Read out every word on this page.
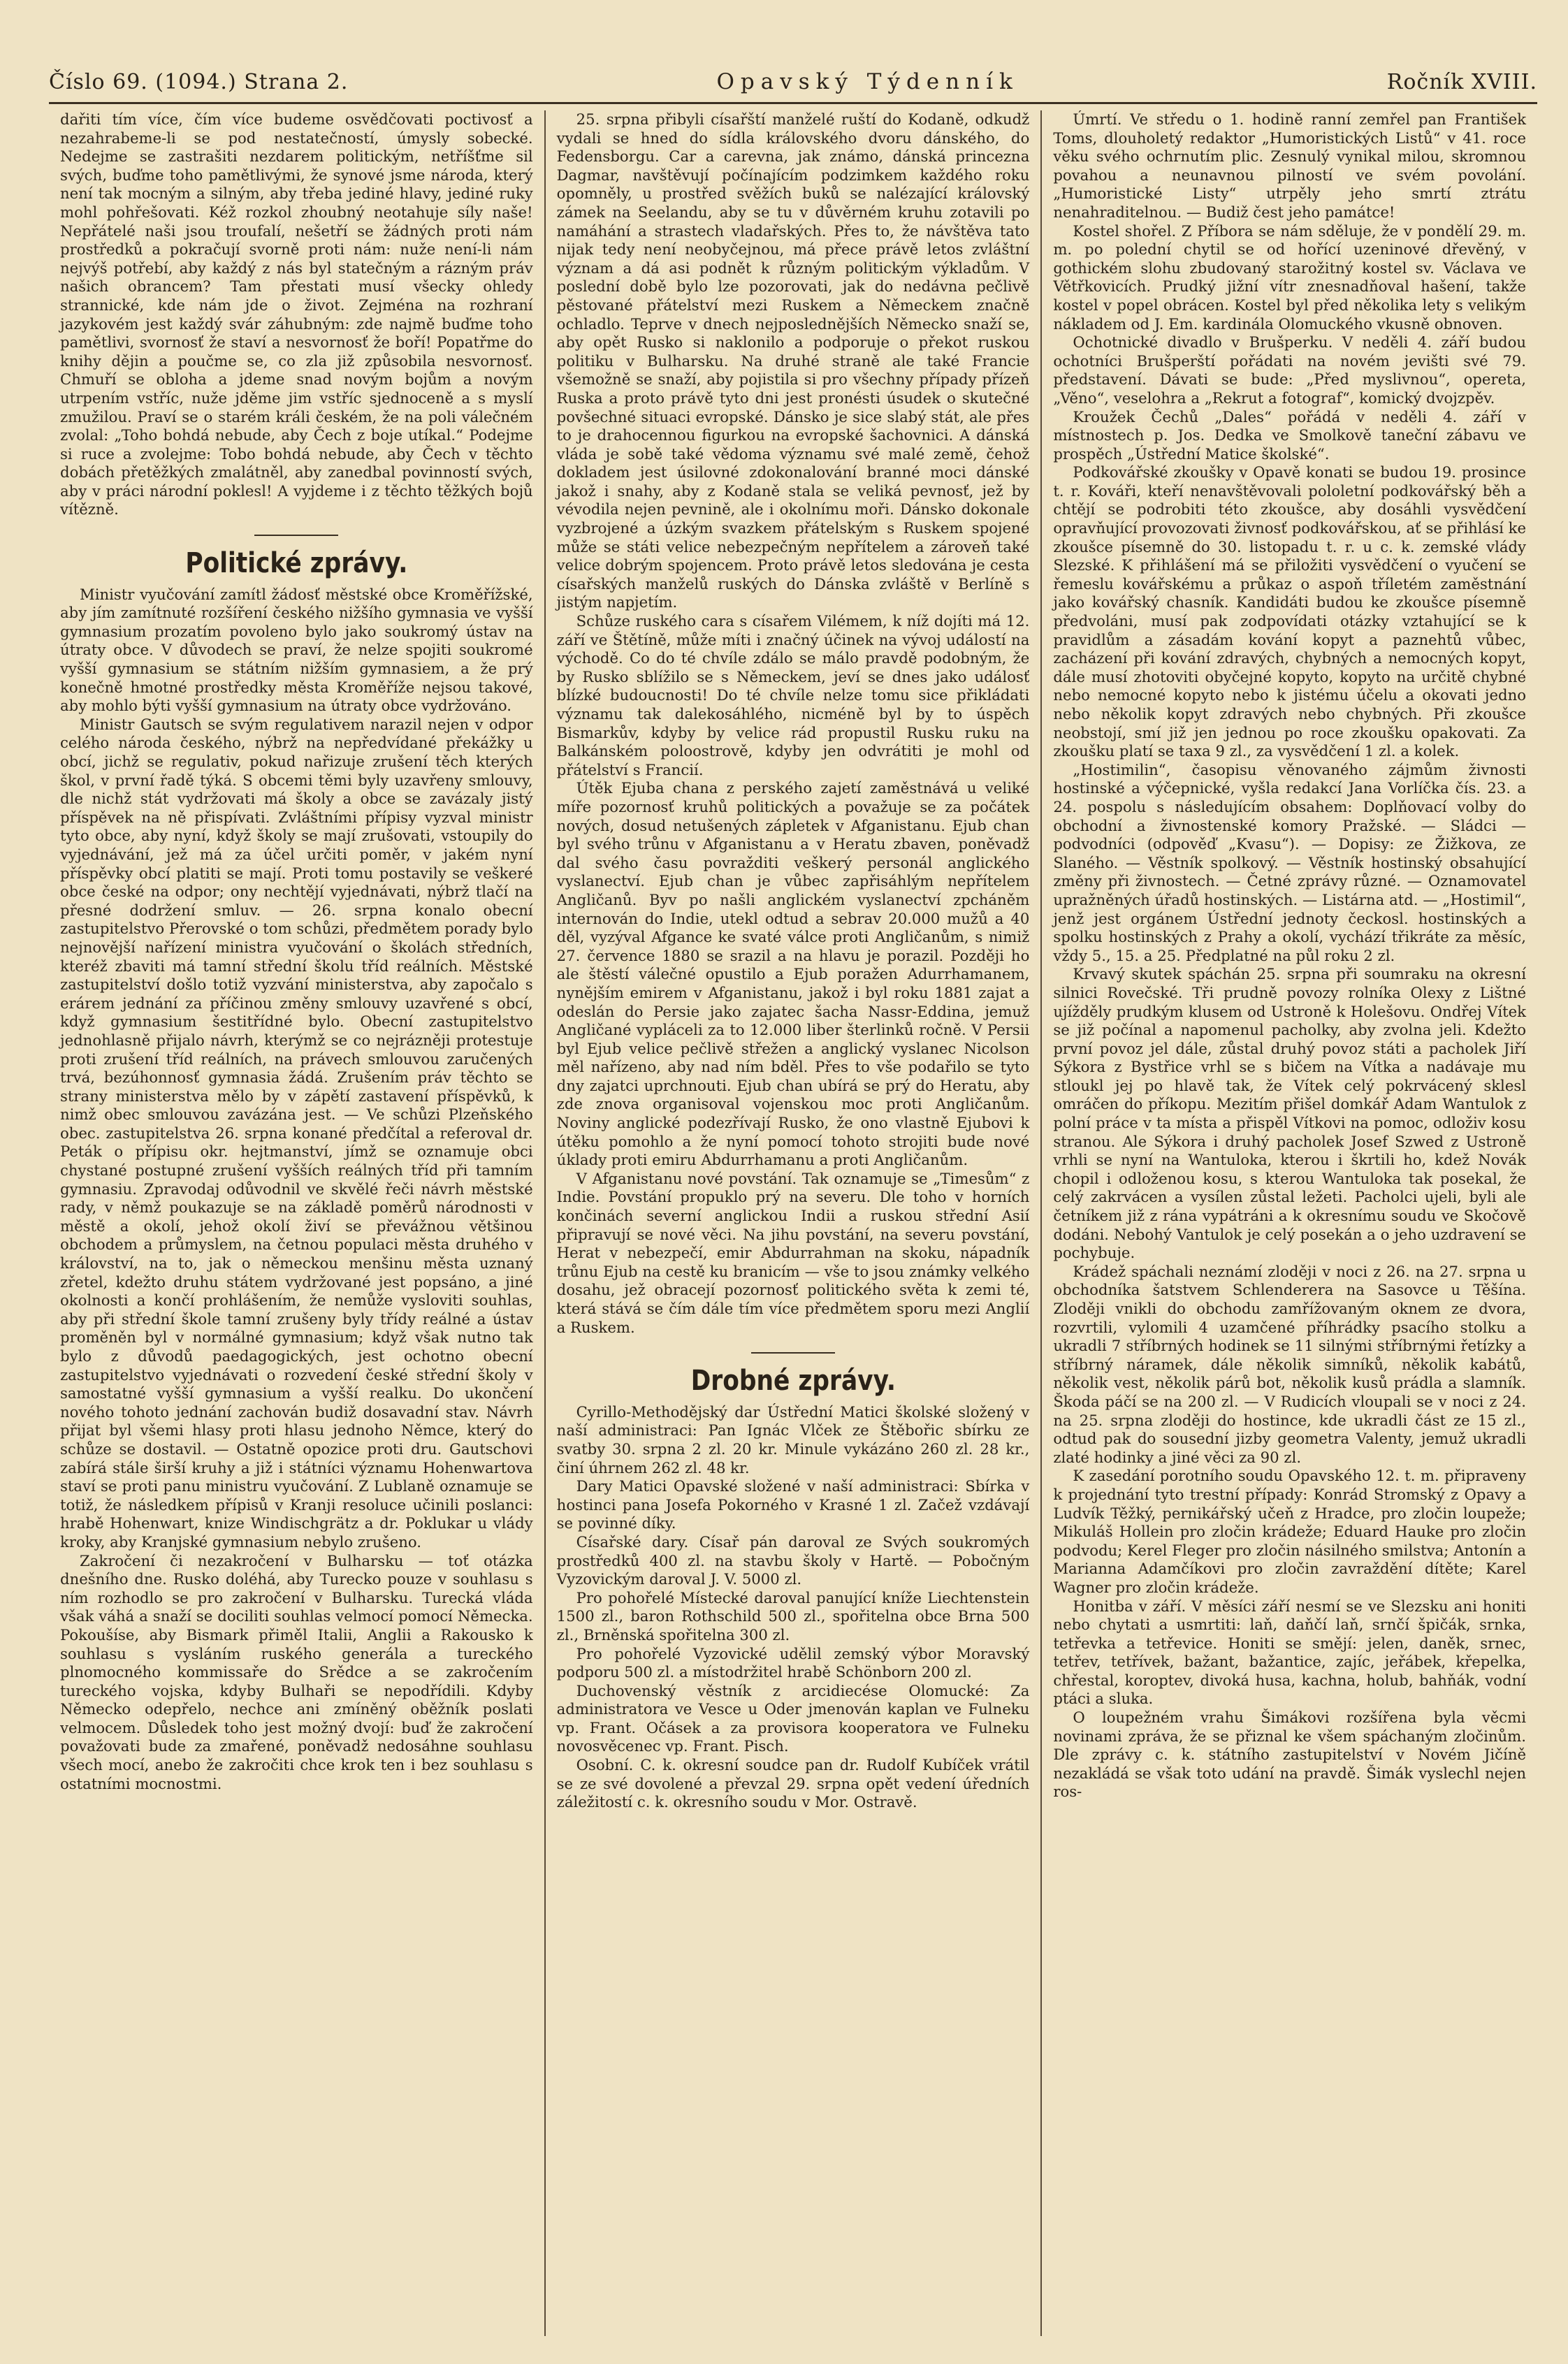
Číslo 69. (1094.) Strana 2.	Opavský Týdenník	Ročník XVIII.

dařiti tím více, čím více budeme osvědčovati poctivosť a nezahrabeme-li se pod nestatečností, úmysly sobecké. Nedejme se zastrašiti nezdarem politickým, netříšťme sil svých, buďme toho pamětlivými, že synové jsme národa, který není tak mocným a silným, aby třeba jediné hlavy, jediné ruky mohl pohřešovati. Kéž rozkol zhoubný neotahuje síly naše! Nepřátelé naši jsou troufalí, nešetří se žádných proti nám prostředků a pokračují svorně proti nám: nuže není-li nám nejvýš potřebí, aby každý z nás byl statečným a rázným práv našich obrancem? Tam přestati musí všecky ohledy strannické, kde nám jde o život. Zejména na rozhraní jazykovém jest každý svár záhubným: zde najmě buďme toho pamětlivi, svornosť že staví a nesvornosť že boří! Popatřme do knihy dějin a poučme se, co zla již způsobila nesvornosť. Chmuří se obloha a jdeme snad novým bojům a novým utrpením vstříc, nuže jděme jim vstříc sjednoceně a s myslí zmužilou. Praví se o starém králi českém, že na poli válečném zvolal: „Toho bohdá nebude, aby Čech z boje utíkal.“ Podejme si ruce a zvolejme: Tobo bohdá nebude, aby Čech v těchto dobách přetěžkých zmalátněl, aby zanedbal povinností svých, aby v práci národní poklesl! A vyjdeme i z těchto těžkých bojů vítězně.

Politické zprávy.

Ministr vyučování zamítl žádosť městské obce Kroměřížské, aby jím zamítnuté rozšíření českého nižšího gymnasia ve vyšší gymnasium prozatím povoleno bylo jako soukromý ústav na útraty obce. V důvodech se praví, že nelze spojiti soukromé vyšší gymnasium se státním nižším gymnasiem, a že prý konečně hmotné prostředky města Kroměříže nejsou takové, aby mohlo býti vyšší gymnasium na útraty obce vydržováno.

Ministr Gautsch se svým regulativem narazil nejen v odpor celého národa českého, nýbrž na nepředvídané překážky u obcí, jichž se regulativ, pokud nařizuje zrušení těch kterých škol, v první řadě týká. S obcemi těmi byly uzavřeny smlouvy, dle nichž stát vydržovati má školy a obce se zavázaly jistý příspěvek na ně přispívati. Zvláštními přípisy vyzval ministr tyto obce, aby nyní, když školy se mají zrušovati, vstoupily do vyjednávání, jež má za účel určiti poměr, v jakém nyní příspěvky obcí platiti se mají. Proti tomu postavily se veškeré obce české na odpor; ony nechtějí vyjednávati, nýbrž tlačí na přesné dodržení smluv. — 26. srpna konalo obecní zastupitelstvo Přerovské o tom schůzi, předmětem porady bylo nejnovější nařízení ministra vyučování o školách středních, kteréž zbaviti má tamní střední školu tříd reálních. Městské zastupitelství došlo totiž vyzvání ministerstva, aby započalo s erárem jednání za příčinou změny smlouvy uzavřené s obcí, když gymnasium šestitřídné bylo. Obecní zastupitelstvo jednohlasně přijalo návrh, kterýmž se co nejrázněji protestuje proti zrušení tříd reálních, na právech smlouvou zaručených trvá, bezúhonnosť gymnasia žádá. Zrušením práv těchto se strany ministerstva mělo by v zápětí zastavení příspěvků, k nimž obec smlouvou zavázána jest. — Ve schůzi Plzeňského obec. zastupitelstva 26. srpna konané předčítal a referoval dr. Peták o přípisu okr. hejtmanství, jímž se oznamuje obci chystané postupné zrušení vyšších reálných tříd při tamním gymnasiu. Zpravodaj odůvodnil ve skvělé řeči návrh městské rady, v němž poukazuje se na základě poměrů národnosti v městě a okolí, jehož okolí živí se převážnou většinou obchodem a průmyslem, na četnou populaci města druhého v království, na to, jak o německou menšinu města uznaný zřetel, kdežto druhu státem vydržované jest popsáno, a jiné okolnosti a končí prohlášením, že nemůže vysloviti souhlas, aby při střední škole tamní zrušeny byly třídy reálné a ústav proměněn byl v normálné gymnasium; když však nutno tak bylo z důvodů paedagogických, jest ochotno obecní zastupitelstvo vyjednávati o rozvedení české střední školy v samostatné vyšší gymnasium a vyšší realku. Do ukončení nového tohoto jednání zachován budiž dosavadní stav. Návrh přijat byl všemi hlasy proti hlasu jednoho Němce, který do schůze se dostavil. — Ostatně opozice proti dru. Gautschovi zabírá stále širší kruhy a již i státníci významu Hohenwartova staví se proti panu ministru vyučování. Z Lublaně oznamuje se totiž, že následkem přípisů v Kranji resoluce učinili poslanci: hrabě Hohenwart, knize Windischgrätz a dr. Poklukar u vlády kroky, aby Kranjské gymnasium nebylo zrušeno.

Zakročení či nezakročení v Bulharsku — toť otázka dnešního dne. Rusko doléhá, aby Turecko pouze v souhlasu s ním rozhodlo se pro zakročení v Bulharsku. Turecká vláda však váhá a snaží se dociliti souhlas velmocí pomocí Německa. Pokoušíse, aby Bismark přiměl Italii, Anglii a Rakousko k souhlasu s vysláním ruského generála a tureckého plnomocného kommissaře do Srědce a se zakročením tureckého vojska, kdyby Bulhaři se nepodřídili. Kdyby Německo odepřelo, nechce ani zmíněný oběžník poslati velmocem. Důsledek toho jest možný dvojí: buď že zakročení považovati bude za zmařené, poněvadž nedosáhne souhlasu všech mocí, anebo že zakročiti chce krok ten i bez souhlasu s ostatními mocnostmi.

25. srpna přibyli císařští manželé ruští do Kodaně, odkudž vydali se hned do sídla královského dvoru dánského, do Fedensborgu. Car a carevna, jak známo, dánská princezna Dagmar, navštěvují počínajícím podzimkem každého roku opomněly, u prostřed svěžích buků se nalézající královský zámek na Seelandu, aby se tu v důvěrném kruhu zotavili po namáhání a strastech vladařských. Přes to, že návštěva tato nijak tedy není neobyčejnou, má přece právě letos zvláštní význam a dá asi podnět k různým politickým výkladům. V poslední době bylo lze pozorovati, jak do nedávna pečlivě pěstované přátelství mezi Ruskem a Německem značně ochladlo. Teprve v dnech nejposlednějších Německo snaží se, aby opět Rusko si naklonilo a podporuje o překot ruskou politiku v Bulharsku. Na druhé straně ale také Francie všemožně se snaží, aby pojistila si pro všechny případy přízeň Ruska a proto právě tyto dni jest pronésti úsudek o skutečné povšechné situaci evropské. Dánsko je sice slabý stát, ale přes to je drahocennou figurkou na evropské šachovnici. A dánská vláda je sobě také vědoma významu své malé země, čehož dokladem jest úsilovné zdokonalování branné moci dánské jakož i snahy, aby z Kodaně stala se veliká pevnosť, jež by vévodila nejen pevnině, ale i okolnímu moři. Dánsko dokonale vyzbrojené a úzkým svazkem přátelským s Ruskem spojené může se státi velice nebezpečným nepřítelem a zároveň také velice dobrým spojencem. Proto právě letos sledována je cesta císařských manželů ruských do Dánska zvláště v Berlíně s jistým napjetím.

Schůze ruského cara s císařem Vilémem, k níž dojíti má 12. září ve Štětíně, může míti i značný účinek na vývoj událostí na východě. Co do té chvíle zdálo se málo pravdě podobným, že by Rusko sblížilo se s Německem, jeví se dnes jako událosť blízké budoucnosti! Do té chvíle nelze tomu sice přikládati významu tak dalekosáhlého, nicméně byl by to úspěch Bismarkův, kdyby by velice rád propustil Rusku ruku na Balkánském poloostrově, kdyby jen odvrátiti je mohl od přátelství s Francií.

Útěk Ejuba chana z perského zajetí zaměstnává u veliké míře pozornosť kruhů politických a považuje se za počátek nových, dosud netušených zápletek v Afganistanu. Ejub chan byl svého trůnu v Afganistanu a v Heratu zbaven, poněvadž dal svého času povražditi veškerý personál anglického vyslanectví. Ejub chan je vůbec zapřisáhlým nepřítelem Angličanů. Byv po našli anglickém vyslanectví zpcháněm internován do Indie, utekl odtud a sebrav 20.000 mužů a 40 děl, vyzýval Afgance ke svaté válce proti Angličanům, s nimiž 27. července 1880 se srazil a na hlavu je porazil. Později ho ale štěstí válečné opustilo a Ejub poražen Adurrhamanem, nynějším emirem v Afganistanu, jakož i byl roku 1881 zajat a odeslán do Persie jako zajatec šacha Nassr-Eddina, jemuž Angličané vypláceli za to 12.000 liber šterlinků ročně. V Persii byl Ejub velice pečlivě střežen a anglický vyslanec Nicolson měl nařízeno, aby nad ním bděl. Přes to vše podařilo se tyto dny zajatci uprchnouti. Ejub chan ubírá se prý do Heratu, aby zde znova organisoval vojenskou moc proti Angličanům. Noviny anglické podezřívají Rusko, že ono vlastně Ejubovi k útěku pomohlo a že nyní pomocí tohoto strojiti bude nové úklady proti emiru Abdurrhamanu a proti Angličanům.

V Afganistanu nové povstání. Tak oznamuje se „Timesům“ z Indie. Povstání propuklo prý na severu. Dle toho v horních končinách severní anglickou Indii a ruskou střední Asií připravují se nové věci. Na jihu povstání, na severu povstání, Herat v nebezpečí, emir Abdurrahman na skoku, nápadník trůnu Ejub na cestě ku branicím — vše to jsou známky velkého dosahu, jež obracejí pozornosť politického světa k zemi té, která stává se čím dále tím více předmětem sporu mezi Anglií a Ruskem.

Drobné zprávy.

Cyrillo-Methodějský dar Ústřední Matici školské složený v naší administraci: Pan Ignác Vlček ze Štěbořic sbírku ze svatby 30. srpna 2 zl. 20 kr. Minule vykázáno 260 zl. 28 kr., činí úhrnem 262 zl. 48 kr.

Dary Matici Opavské složené v naší administraci: Sbírka v hostinci pana Josefa Pokorného v Krasné 1 zl. Začež vzdávají se povinné díky.

Císařské dary. Císař pán daroval ze Svých soukromých prostředků 400 zl. na stavbu školy v Hartě. — Pobočným Vyzovickým daroval J. V. 5000 zl.

Pro pohořelé Místecké daroval panující kníže Liechtenstein 1500 zl., baron Rothschild 500 zl., spořitelna obce Brna 500 zl., Brněnská spořitelna 300 zl.

Pro pohořelé Vyzovické udělil zemský výbor Moravský podporu 500 zl. a místodržitel hrabě Schönborn 200 zl.

Duchovenský věstník z arcidiecése Olomucké: Za administratora ve Vesce u Oder jmenován kaplan ve Fulneku vp. Frant. Očásek a za provisora kooperatora ve Fulneku novosvěcenec vp. Frant. Pisch.

Osobní. C. k. okresní soudce pan dr. Rudolf Kubíček vrátil se ze své dovolené a převzal 29. srpna opět vedení úředních záležitostí c. k. okresního soudu v Mor. Ostravě.

Úmrtí. Ve středu o 1. hodině ranní zemřel pan František Toms, dlouholetý redaktor „Humoristických Listů“ v 41. roce věku svého ochrnutím plic. Zesnulý vynikal milou, skromnou povahou a neunavnou pilností ve svém povolání. „Humoristické Listy“ utrpěly jeho smrtí ztrátu nenahraditelnou. — Budiž čest jeho památce!

Kostel shořel. Z Příbora se nám sděluje, že v pondělí 29. m. m. po polední chytil se od hořící uzeninové dřevěný, v gothickém slohu zbudovaný starožitný kostel sv. Václava ve Větřkovicích. Prudký jižní vítr znesnadňoval hašení, takže kostel v popel obrácen. Kostel byl před několika lety s velikým nákladem od J. Em. kardinála Olomuckého vkusně obnoven.

Ochotnické divadlo v Brušperku. V neděli 4. září budou ochotníci Brušperští pořádati na novém jevišti své 79. představení. Dávati se bude: „Před myslivnou“, opereta, „Věno“, veselohra a „Rekrut a fotograf“, komický dvojzpěv.

Kroužek Čechů „Dales“ pořádá v neděli 4. září v místnostech p. Jos. Dedka ve Smolkově taneční zábavu ve prospěch „Ústřední Matice školské“.

Podkovářské zkoušky v Opavě konati se budou 19. prosince t. r. Kováři, kteří nenavštěvovali pololetní podkovářský běh a chtějí se podrobiti této zkoušce, aby dosáhli vysvědčení opravňující provozovati živnosť podkovářskou, ať se přihlásí ke zkoušce písemně do 30. listopadu t. r. u c. k. zemské vlády Slezské. K přihlášení má se přiložiti vysvědčení o vyučení se řemeslu kovářskému a průkaz o aspoň tříletém zaměstnání jako kovářský chasník. Kandidáti budou ke zkoušce písemně předvoláni, musí pak zodpovídati otázky vztahující se k pravidlům a zásadám kování kopyt a paznehtů vůbec, zacházení při kování zdravých, chybných a nemocných kopyt, dále musí zhotoviti obyčejné kopyto, kopyto na určitě chybné nebo nemocné kopyto nebo k jistému účelu a okovati jedno nebo několik kopyt zdravých nebo chybných. Při zkoušce neobstojí, smí již jen jednou po roce zkoušku opakovati. Za zkoušku platí se taxa 9 zl., za vysvědčení 1 zl. a kolek.

„Hostimilin“, časopisu věnovaného zájmům živnosti hostinské a výčepnické, vyšla redakcí Jana Vorlíčka čís. 23. a 24. pospolu s následujícím obsahem: Doplňovací volby do obchodní a živnostenské komory Pražské. — Sládci — podvodníci (odpověď „Kvasu“). — Dopisy: ze Žižkova, ze Slaného. — Věstník spolkový. — Věstník hostinský obsahující změny při živnostech. — Četné zprávy různé. — Oznamovatel upražněných úřadů hostinských. — Listárna atd. — „Hostimil“, jenž jest orgánem Ústřední jednoty čeckosl. hostinských a spolku hostinských z Prahy a okolí, vychází třikráte za měsíc, vždy 5., 15. a 25. Předplatné na půl roku 2 zl.

Krvavý skutek spáchán 25. srpna při soumraku na okresní silnici Rovečské. Tři prudně povozy rolníka Olexy z Lištné ujížděly prudkým klusem od Ustroně k Holešovu. Ondřej Vítek se již počínal a napomenul pacholky, aby zvolna jeli. Kdežto první povoz jel dále, zůstal druhý povoz státi a pacholek Jiří Sýkora z Bystřice vrhl se s bičem na Vítka a nadávaje mu stloukl jej po hlavě tak, že Vítek celý pokrvácený sklesl omráčen do příkopu. Mezitím přišel domkář Adam Wantulok z polní práce v ta místa a přispěl Vítkovi na pomoc, odloživ kosu stranou. Ale Sýkora i druhý pacholek Josef Szwed z Ustroně vrhli se nyní na Wantuloka, kterou i škrtili ho, kdež Novák chopil i odloženou kosu, s kterou Wantuloka tak posekal, že celý zakrvácen a vysílen zůstal ležeti. Pacholci ujeli, byli ale četníkem již z rána vypátráni a k okresnímu soudu ve Skočově dodáni. Nebohý Vantulok je celý posekán a o jeho uzdravení se pochybuje.

Krádež spáchali neznámí zloději v noci z 26. na 27. srpna u obchodníka šatstvem Schlenderera na Sasovce u Těšína. Zloději vnikli do obchodu zamřížovaným oknem ze dvora, rozvrtili, vylomili 4 uzamčené příhrádky psacího stolku a ukradli 7 stříbrných hodinek se 11 silnými stříbrnými řetízky a stříbrný náramek, dále několik simníků, několik kabátů, několik vest, několik párů bot, několik kusů prádla a slamník. Škoda páčí se na 200 zl. — V Rudicích vloupali se v noci z 24. na 25. srpna zloději do hostince, kde ukradli část ze 15 zl., odtud pak do sousední jizby geometra Valenty, jemuž ukradli zlaté hodinky a jiné věci za 90 zl.

K zasedání porotního soudu Opavského 12. t. m. připraveny k projednání tyto trestní případy: Konrád Stromský z Opavy a Ludvík Těžký, pernikářský učeň z Hradce, pro zločin loupeže; Mikuláš Hollein pro zločin krádeže; Eduard Hauke pro zločin podvodu; Kerel Fleger pro zločin násilného smilstva; Antonín a Marianna Adamčíkovi pro zločin zavraždění dítěte; Karel Wagner pro zločin krádeže.

Honitba v září. V měsíci září nesmí se ve Slezsku ani honiti nebo chytati a usmrtiti: laň, daňčí laň, srnčí špičák, srnka, tetřevka a tetřevice. Honiti se smějí: jelen, daněk, srnec, tetřev, tetřívek, bažant, bažantice, zajíc, jeřábek, křepelka, chřestal, koroptev, divoká husa, kachna, holub, bahňák, vodní ptáci a sluka.

O loupežném vrahu Šimákovi rozšířena byla věcmi novinami zpráva, že se přiznal ke všem spáchaným zločinům. Dle zprávy c. k. státního zastupitelství v Novém Jičíně nezakládá se však toto udání na pravdě. Šimák vyslechl nejen ros-
